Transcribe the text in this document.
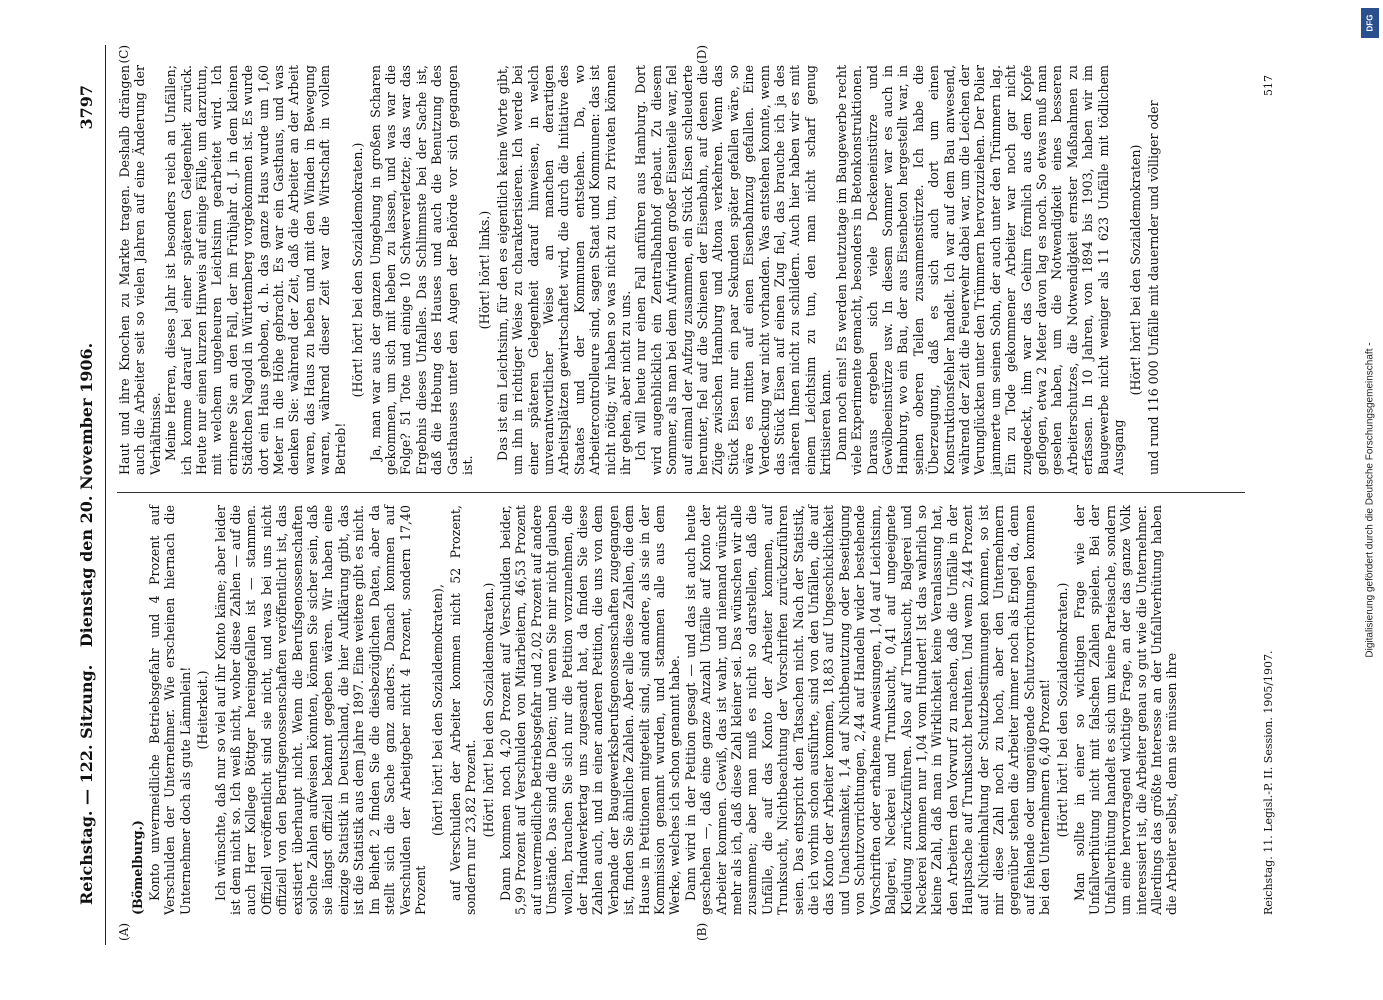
Reichstag. — 122. Sitzung.
Dienstag den 20. November 1906.
3797
(A)	(B)
(C)	(D)

(Bömelburg.) Konto unvermeidliche Betriebsgefahr und 4 Prozent auf Verschulden der Unternehmer. Wie erscheinen hiernach die Unternehmer doch als gute Lämmlein! (Heiterkeit.) Ich wünschte, daß nur so viel auf ihr Konto käme; aber leider ist dem nicht so. Ich weiß nicht, woher diese Zahlen — auf die auch Herr Kollege Böttger hereingefallen ist — stammen. Offiziell veröffentlicht sind sie nicht, und was bei uns nicht offiziell von den Berufsgenossenschaften veröffentlicht ist, das existiert überhaupt nicht. Wenn die Berufsgenossenschaften solche Zahlen aufweisen könnten, können Sie sicher sein, daß sie längst offiziell bekannt gegeben wären. Wir haben eine einzige Statistik in Deutschland, die hier Aufklärung gibt, das ist die Statistik aus dem Jahre 1897. Eine weitere gibt es nicht. Im Beiheft 2 finden Sie die diesbezüglichen Daten, aber da stellt sich die Sache ganz anders. Danach kommen auf Verschulden der Arbeitgeber nicht 4 Prozent, sondern 17,40 Prozent

(hört! hört! bei den Sozialdemokraten), auf Verschulden der Arbeiter kommen nicht 52 Prozent, sondern nur 23,82 Prozent. (Hört! hört! bei den Sozialdemokraten.) Dann kommen noch 4,20 Prozent auf Verschulden beider, 5,99 Prozent auf Verschulden von Mitarbeitern, 46,53 Prozent auf unvermeidliche Betriebsgefahr und 2,02 Prozent auf andere Umstände. Das sind die Daten; und wenn Sie mir nicht glauben wollen, brauchen Sie sich nur die Petition vorzunehmen, die der Handwerkertag uns zugesandt hat, da finden Sie diese Zahlen auch, und in einer anderen Petition, die uns von dem Verbande der Baugewerksberufsgenossenschaften zugegangen ist, finden Sie ähnliche Zahlen. Aber alle diese Zahlen, die dem Hause in Petitionen mitgeteilt sind, sind andere, als sie in der Kommission genannt wurden, und stammen alle aus dem Werke, welches ich schon genannt habe. Dann wird in der Petition gesagt — und das ist auch heute geschehen —, daß eine ganze Anzahl Unfälle auf Konto der Arbeiter kommen. Gewiß, das ist wahr, und niemand wünscht mehr als ich, daß diese Zahl kleiner sei. Das wünschen wir alle zusammen; aber man muß es nicht so darstellen, daß die Unfälle, die auf das Konto der Arbeiter kommen, auf Trunksucht, Nichtbeachtung der Vorschriften zurückzuführen seien. Das entspricht den Tatsachen nicht. Nach der Statistik, die ich vorhin schon ausführte, sind von den Unfällen, die auf das Konto der Arbeiter kommen, 18,83 auf Ungeschicklichkeit und Unachtsamkeit, 1,4 auf Nichtbenutzung oder Beseitigung von Schutzvorrichtungen, 2,44 auf Handeln wider bestehende Vorschriften oder erhaltene Anweisungen, 1,04 auf Leichtsinn, Balgerei, Neckerei und Trunksucht, 0,41 auf ungeeignete Kleidung zurückzuführen. Also auf Trunksucht, Balgerei und Neckerei kommen nur 1,04 vom Hundert! Ist das wahrlich so kleine Zahl, daß man in Wirklichkeit keine Veranlassung hat, den Arbeitern den Vorwurf zu machen, daß die Unfälle in der Hauptsache auf Trunksucht beruhten. Und wenn 2,44 Prozent auf Nichteinhaltung der Schutzbestimmungen kommen, so ist mir diese Zahl noch zu hoch, aber den Unternehmern gegenüber stehen die Arbeiter immer noch als Engel da, denn auf fehlende oder ungenügende Schutzvorrichtungen kommen bei den Unternehmern 6,40 Prozent! (Hört! hört! bei den Sozialdemokraten.) Man sollte in einer so wichtigen Frage wie der Unfallverhütung nicht mit falschen Zahlen spielen. Bei der Unfallverhütung handelt es sich um keine Parteisache, sondern um eine hervorragend wichtige Frage, an der das ganze Volk interessiert ist, die Arbeiter genau so gut wie die Unternehmer. Allerdings das größte Interesse an der Unfallverhütung haben die Arbeiter selbst, denn sie müssen ihre

Haut und ihre Knochen zu Markte tragen. Deshalb drängen auch die Arbeiter seit so vielen Jahren auf eine Änderung der Verhältnisse. Meine Herren, dieses Jahr ist besonders reich an Unfällen; ich komme darauf bei einer späteren Gelegenheit zurück. Heute nur einen kurzen Hinweis auf einige Fälle, um darzutun, mit welchem ungeheuren Leichtsinn gearbeitet wird. Ich erinnere Sie an den Fall, der im Frühjahr d. J. in dem kleinen Städtchen Nagold in Württemberg vorgekommen ist. Es wurde dort ein Haus gehoben, d. h. das ganze Haus wurde um 1,60 Meter in die Höhe gebracht. Es war ein Gasthaus, und was denken Sie: während der Zeit, daß die Arbeiter an der Arbeit waren, das Haus zu heben und mit den Winden in Bewegung waren, während dieser Zeit war die Wirtschaft in vollem Betrieb!

(Hört! hört! bei den Sozialdemokraten.) Ja, man war aus der ganzen Umgebung in großen Scharen gekommen, um sich mit heben zu lassen, und was war die Folge? 51 Tote und einige 10 Schwerverletzte; das war das Ergebnis dieses Unfalles. Das Schlimmste bei der Sache ist, daß die Hebung des Hauses und auch die Benutzung des Gasthauses unter den Augen der Behörde vor sich gegangen ist.

(Hört! hört! links.) Das ist ein Leichtsinn, für den es eigentlich keine Worte gibt, um ihn in richtiger Weise zu charakterisieren. Ich werde bei einer späteren Gelegenheit darauf hinweisen, in welch unverantwortlicher Weise an manchen derartigen Arbeitsplätzen gewirtschaftet wird, die durch die Initiative des Staates und der Kommunen entstehen. Da, wo Arbeitercontrolleure sind, sagen Staat und Kommunen: das ist nicht nötig; wir haben so was nicht zu tun, zu Privaten können ihr gehen, aber nicht zu uns. Ich will heute nur einen Fall anführen aus Hamburg. Dort wird augenblicklich ein Zentralbahnhof gebaut. Zu diesem Sommer, als man bei dem Aufwinden großer Eisenteile war, fiel auf einmal der Aufzug zusammen, ein Stück Eisen schleuderte herunter, fiel auf die Schienen der Eisenbahn, auf denen die Züge zwischen Hamburg und Altona verkehren. Wenn das Stück Eisen nur ein paar Sekunden später gefallen wäre, so wäre es mitten auf einen Eisenbahnzug gefallen. Eine Verdeckung war nicht vorhanden. Was entstehen konnte, wenn das Stück Eisen auf einen Zug fiel, das brauche ich ja des näheren Ihnen nicht zu schildern. Auch hier haben wir es mit einem Leichtsinn zu tun, den man nicht scharf genug kritisieren kann. Dann noch eins! Es werden heutzutage im Baugewerbe recht viele Experimente gemacht, besonders in Betonkonstruktionen. Daraus ergeben sich viele Deckeneinstürze und Gewölbeeinstürze usw. In diesem Sommer war es auch in Hamburg, wo ein Bau, der aus Eisenbeton hergestellt war, in seinen oberen Teilen zusammenstürzte. Ich habe die Überzeugung, daß es sich auch dort um einen Konstruktionsfehler handelt. Ich war auf dem Bau anwesend, während der Zeit die Feuerwehr dabei war, um die Leichen der Verunglückten unter den Trümmern hervorzuziehen. Der Polier jammerte um seinen Sohn, der auch unter den Trümmern lag. Ein zu Tode gekommener Arbeiter war noch gar nicht zugedeckt, ihm war das Gehirn förmlich aus dem Kopfe geflogen, etwa 2 Meter davon lag es noch. So etwas muß man gesehen haben, um die Notwendigkeit eines besseren Arbeiterschutzes, die Notwendigkeit ernster Maßnahmen zu erfassen. In 10 Jahren, von 1894 bis 1903, haben wir im Baugewerbe nicht weniger als 11 623 Unfälle mit tödlichem Ausgang

(Hört! hört! bei den Sozialdemokraten) und rund 116 000 Unfälle mit dauernder und völliger oder

Reichstag. 11. Legisl.-P. II. Session. 1905/1907.
517
Digitalisierung gefördert durch die Deutsche Forschungsgemeinschaft -
DFG
